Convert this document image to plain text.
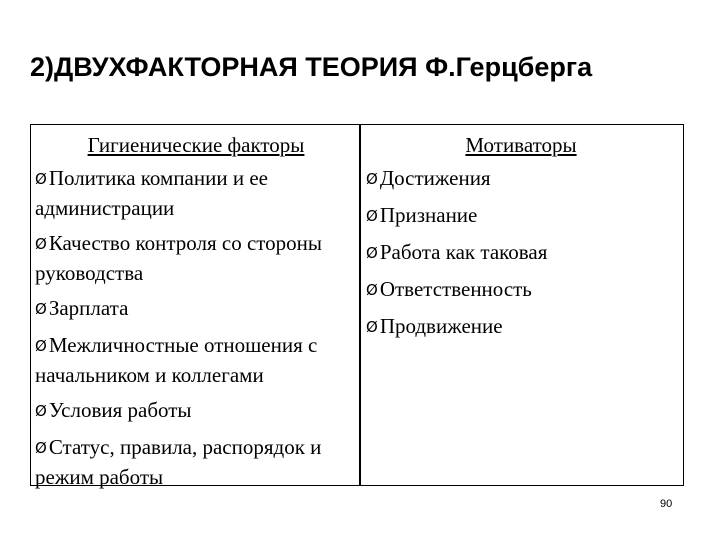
2)ДВУХФАКТОРНАЯ ТЕОРИЯ Ф.Герцберга
Гигиенические факторы
ØПолитика компании и ее администрации
ØКачество контроля со стороны руководства
ØЗарплата
ØМежличностные отношения с начальником и коллегами
ØУсловия работы
ØСтатус, правила, распорядок и режим работы
Мотиваторы
ØДостижения
ØПризнание
ØРабота как таковая
ØОтветственность
ØПродвижение
90
